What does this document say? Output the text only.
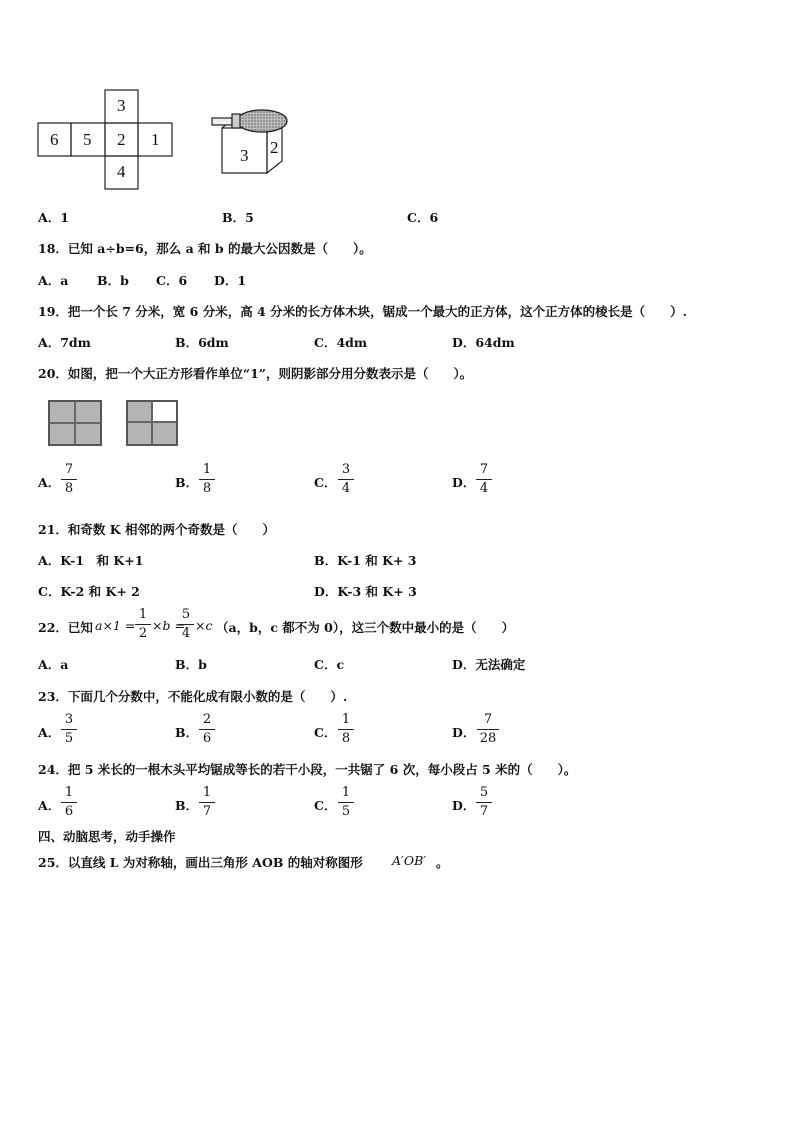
3
6 5 2 1
4
3 2
A．1	B．5	C．6
18．已知 a÷b=6，那么 a 和 b 的最大公因数是（　　）。
A．a B．b C．6 D．1
19．把一个长 7 分米，宽 6 分米，高 4 分米的长方体木块，锯成一个最大的正方体，这个正方体的棱长是（　　）.
A．7dm	B．6dm	C．4dm	D．64dm
20．如图，把一个大正方形看作单位“1”，则阴影部分用分数表示是（　　）。
A．
7
8	B．
1
8	C．
3
4	D．
7
4
21．和奇数 K 相邻的两个奇数是（　　）
A．K-1　和 K+1	B．K-1 和 K+ 3
C．K-2 和 K+ 2	D．K-3 和 K+ 3
22．已知 a×1 =
1
2
×b =
5
4
×c （a，b，c 都不为 0），这三个数中最小的是（　　）
A．a	B．b	C．c	D．无法确定
23．下面几个分数中，不能化成有限小数的是（　　）.
A．
3
5	B．
2
6	C．
1
8	D．
7
28
24．把 5 米长的一根木头平均锯成等长的若干小段，一共锯了 6 次，每小段占 5 米的（　　）。
A．
1
6	B．
1
7	C．
1
5	D．
5
7
四、动脑思考，动手操作
25．以直线 L 为对称轴，画出三角形 AOB 的轴对称图形 A′OB′ 。
